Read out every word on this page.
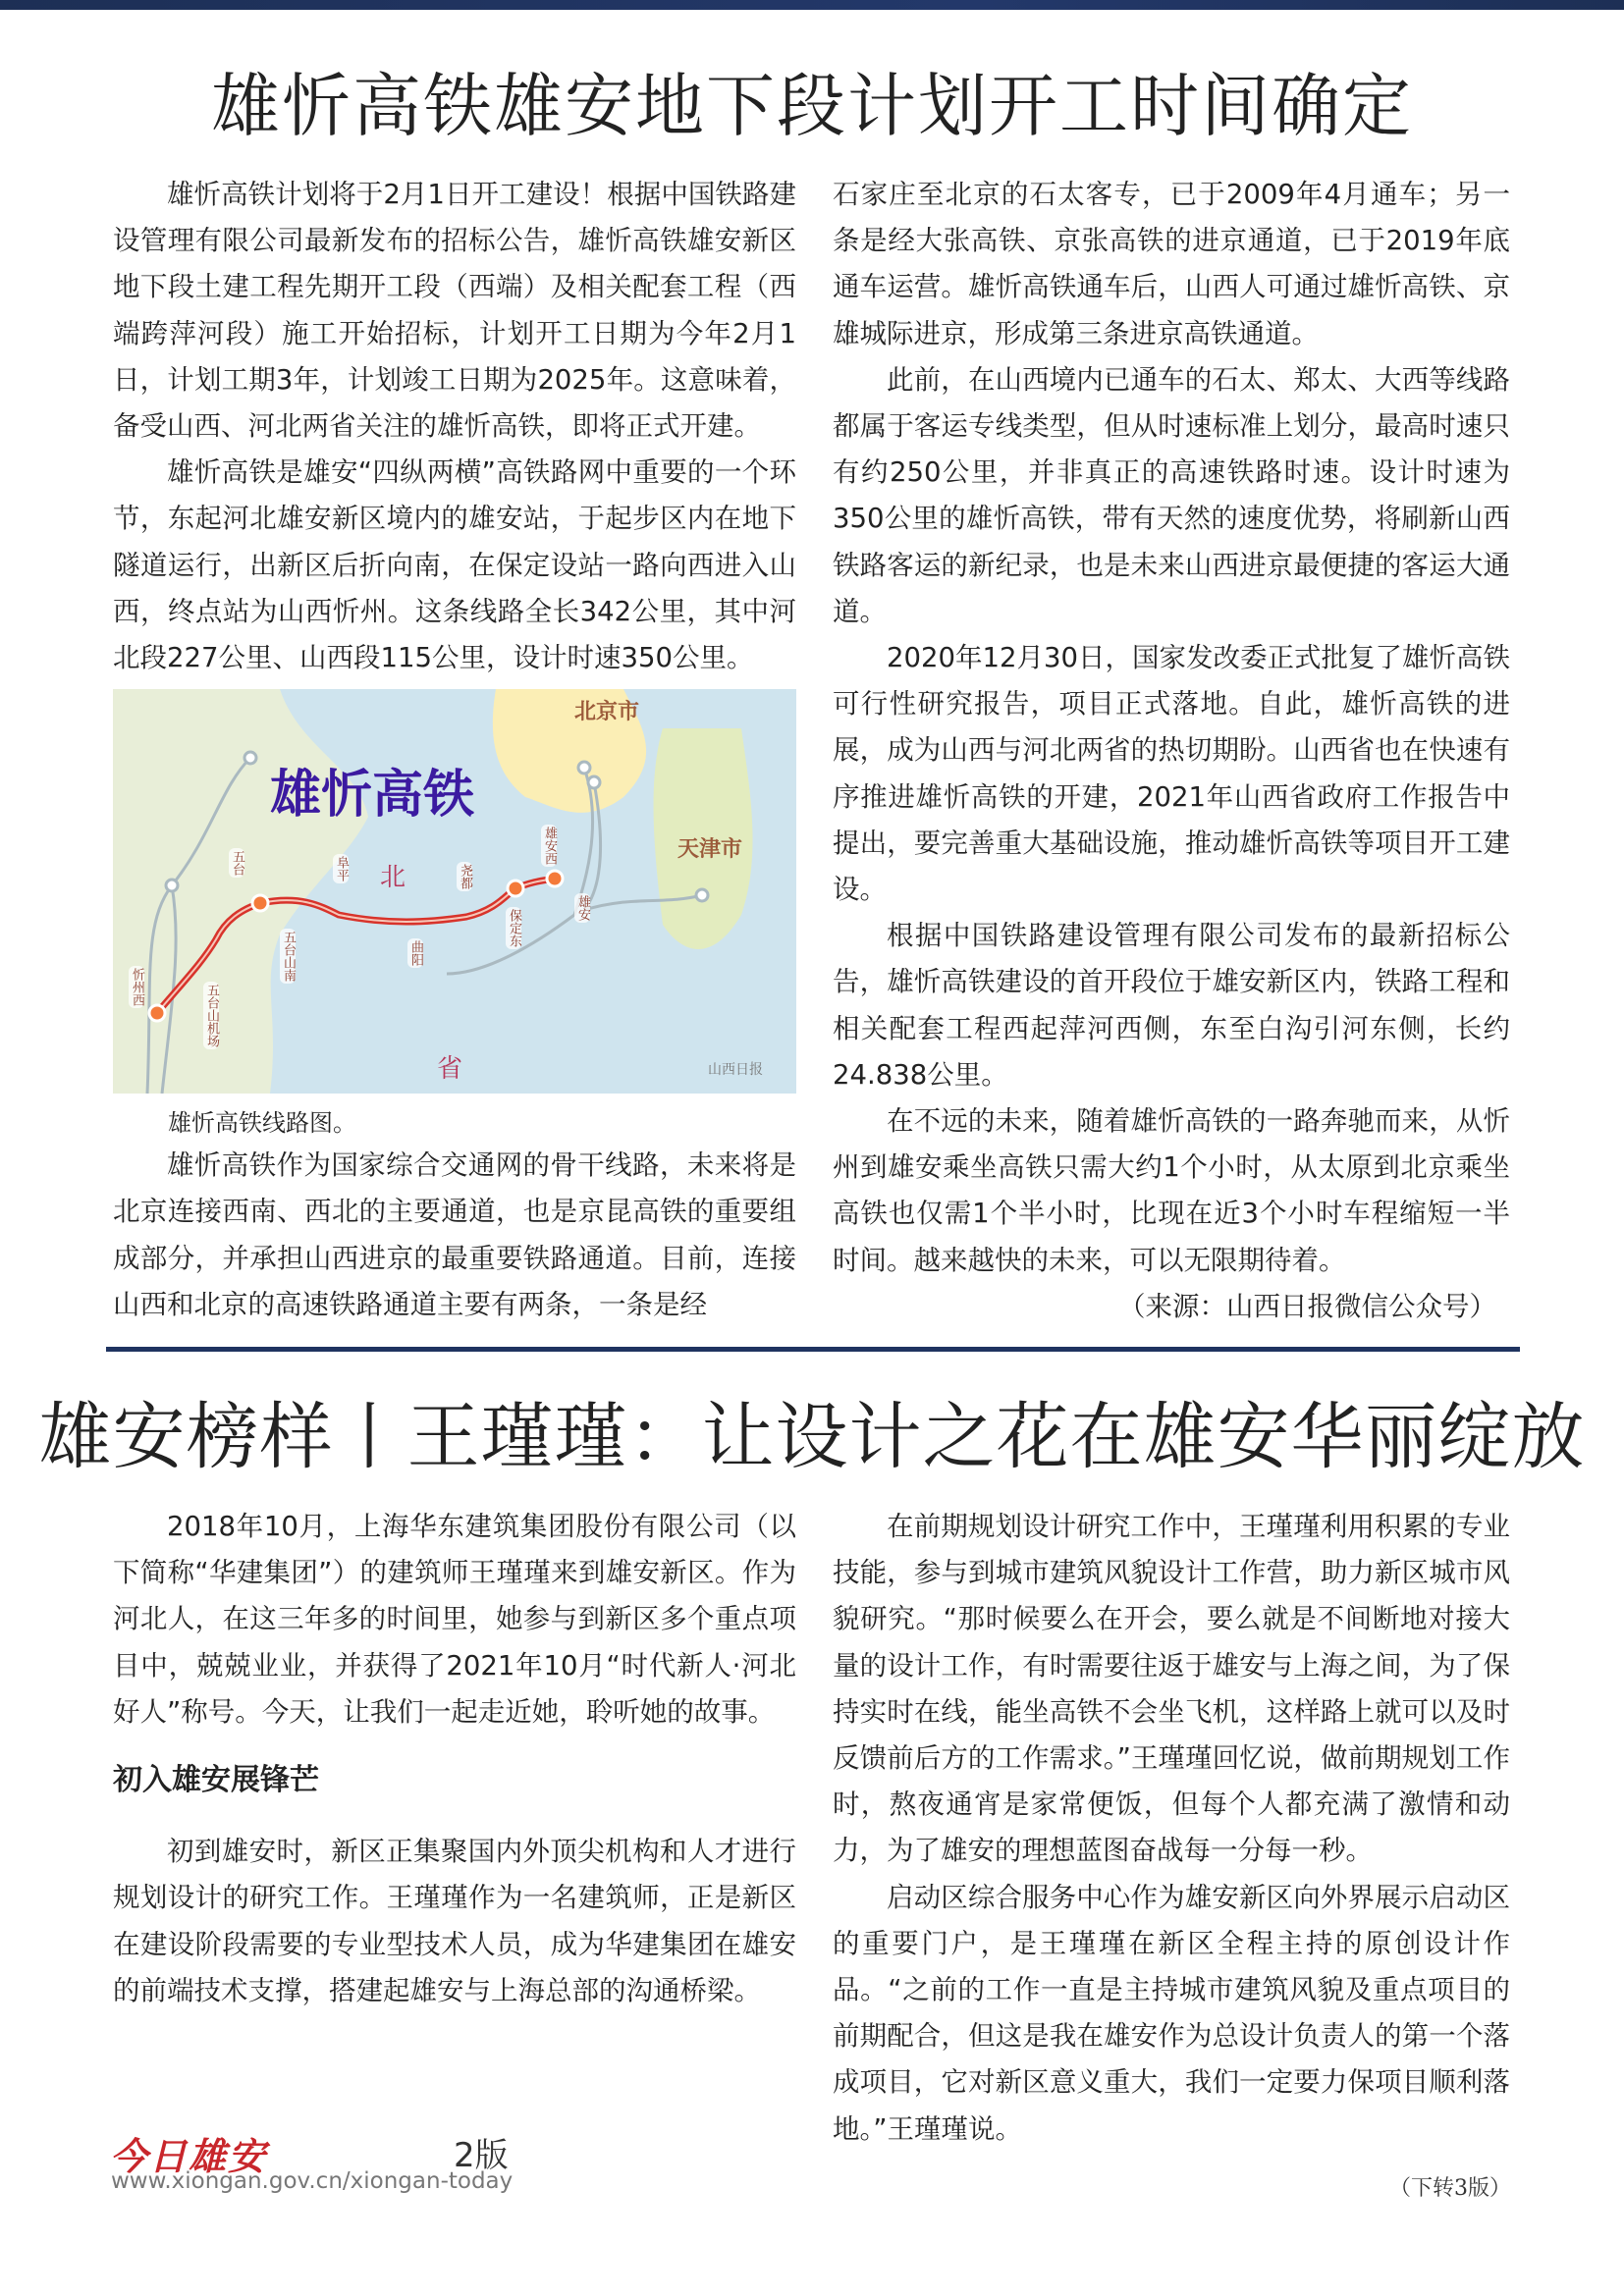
雄忻高铁雄安地下段计划开工时间确定

雄忻高铁计划将于2月1日开工建设！根据中国铁路建设管理有限公司最新发布的招标公告，雄忻高铁雄安新区地下段土建工程先期开工段（西端）及相关配套工程（西端跨萍河段）施工开始招标，计划开工日期为今年2月1日，计划工期3年，计划竣工日期为2025年。这意味着，备受山西、河北两省关注的雄忻高铁，即将正式开建。

雄忻高铁是雄安“四纵两横”高铁路网中重要的一个环节，东起河北雄安新区境内的雄安站，于起步区内在地下隧道运行，出新区后折向南，在保定设站一路向西进入山西，终点站为山西忻州。这条线路全长342公里，其中河北段227公里、山西段115公里，设计时速350公里。

雄忻高铁
北京市
天津市
北
省	山西日报
忻州西	五台山机场
五台
五台山南
阜平
曲阳
尧都
保定东
雄安西
雄安

雄忻高铁线路图。

雄忻高铁作为国家综合交通网的骨干线路，未来将是北京连接西南、西北的主要通道，也是京昆高铁的重要组成部分，并承担山西进京的最重要铁路通道。目前，连接山西和北京的高速铁路通道主要有两条，一条是经

石家庄至北京的石太客专，已于2009年4月通车；另一条是经大张高铁、京张高铁的进京通道，已于2019年底通车运营。雄忻高铁通车后，山西人可通过雄忻高铁、京雄城际进京，形成第三条进京高铁通道。

此前，在山西境内已通车的石太、郑太、大西等线路都属于客运专线类型，但从时速标准上划分，最高时速只有约250公里，并非真正的高速铁路时速。设计时速为350公里的雄忻高铁，带有天然的速度优势，将刷新山西铁路客运的新纪录，也是未来山西进京最便捷的客运大通道。

2020年12月30日，国家发改委正式批复了雄忻高铁可行性研究报告，项目正式落地。自此，雄忻高铁的进展，成为山西与河北两省的热切期盼。山西省也在快速有序推进雄忻高铁的开建，2021年山西省政府工作报告中提出，要完善重大基础设施，推动雄忻高铁等项目开工建设。

根据中国铁路建设管理有限公司发布的最新招标公告，雄忻高铁建设的首开段位于雄安新区内，铁路工程和相关配套工程西起萍河西侧，东至白沟引河东侧，长约24.838公里。

在不远的未来，随着雄忻高铁的一路奔驰而来，从忻州到雄安乘坐高铁只需大约1个小时，从太原到北京乘坐高铁也仅需1个半小时，比现在近3个小时车程缩短一半时间。越来越快的未来，可以无限期待着。

（来源：山西日报微信公众号）

雄安榜样丨王瑾瑾：让设计之花在雄安华丽绽放

2018年10月，上海华东建筑集团股份有限公司（以下简称“华建集团”）的建筑师王瑾瑾来到雄安新区。作为河北人，在这三年多的时间里，她参与到新区多个重点项目中，兢兢业业，并获得了2021年10月“时代新人·河北好人”称号。今天，让我们一起走近她，聆听她的故事。

初入雄安展锋芒

初到雄安时，新区正集聚国内外顶尖机构和人才进行规划设计的研究工作。王瑾瑾作为一名建筑师，正是新区在建设阶段需要的专业型技术人员，成为华建集团在雄安的前端技术支撑，搭建起雄安与上海总部的沟通桥梁。

在前期规划设计研究工作中，王瑾瑾利用积累的专业技能，参与到城市建筑风貌设计工作营，助力新区城市风貌研究。“那时候要么在开会，要么就是不间断地对接大量的设计工作，有时需要往返于雄安与上海之间，为了保持实时在线，能坐高铁不会坐飞机，这样路上就可以及时反馈前后方的工作需求。”王瑾瑾回忆说，做前期规划工作时，熬夜通宵是家常便饭，但每个人都充满了激情和动力，为了雄安的理想蓝图奋战每一分每一秒。

启动区综合服务中心作为雄安新区向外界展示启动区的重要门户，是王瑾瑾在新区全程主持的原创设计作品。“之前的工作一直是主持城市建筑风貌及重点项目的前期配合，但这是我在雄安作为总设计负责人的第一个落成项目，它对新区意义重大，我们一定要力保项目顺利落地。”王瑾瑾说。

今日雄安	2版
www.xiongan.gov.cn/xiongan-today	（下转3版）
